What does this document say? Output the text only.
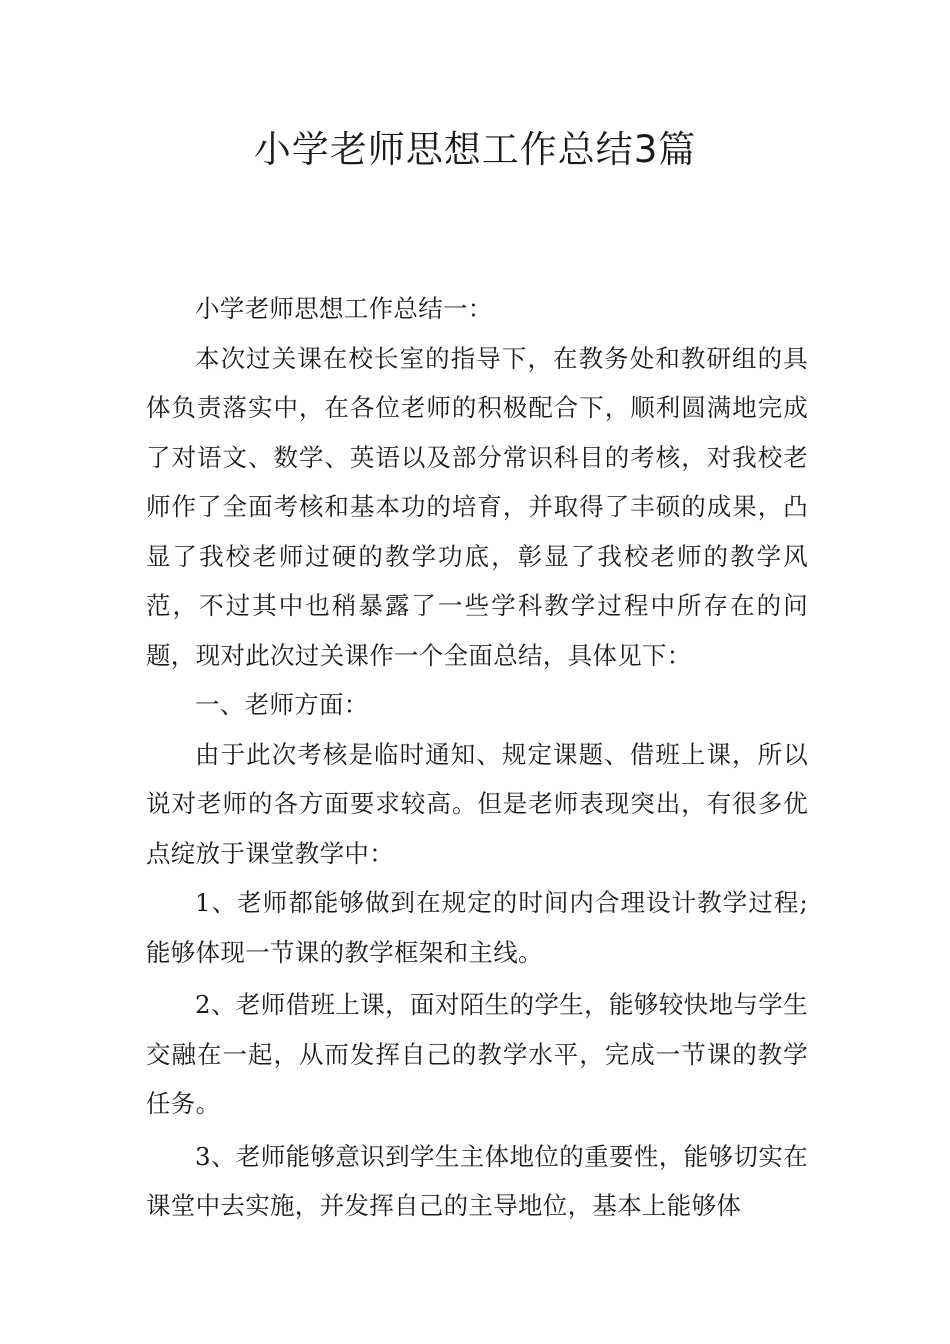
小学老师思想工作总结3篇

小学老师思想工作总结一：

本次过关课在校长室的指导下，在教务处和教研组的具体负责落实中，在各位老师的积极配合下，顺利圆满地完成了对语文、数学、英语以及部分常识科目的考核，对我校老师作了全面考核和基本功的培育，并取得了丰硕的成果，凸显了我校老师过硬的教学功底，彰显了我校老师的教学风范，不过其中也稍暴露了一些学科教学过程中所存在的问题，现对此次过关课作一个全面总结，具体见下：

一、老师方面：

由于此次考核是临时通知、规定课题、借班上课，所以说对老师的各方面要求较高。但是老师表现突出，有很多优点绽放于课堂教学中：

1、老师都能够做到在规定的时间内合理设计教学过程;能够体现一节课的教学框架和主线。

2、老师借班上课，面对陌生的学生，能够较快地与学生交融在一起，从而发挥自己的教学水平，完成一节课的教学任务。

3、老师能够意识到学生主体地位的重要性，能够切实在课堂中去实施，并发挥自己的主导地位，基本上能够体
